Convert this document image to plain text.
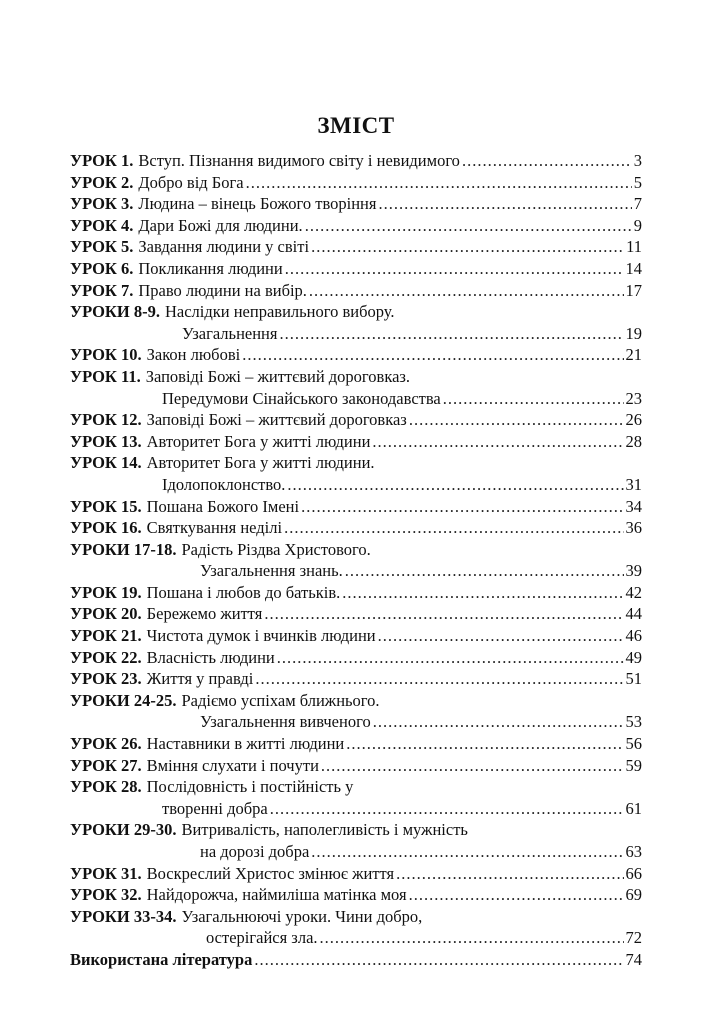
ЗМІСТ
УРОК 1. Вступ. Пізнання видимого світу і невидимого .....	3
УРОК 2. Добро від Бога .....	5
УРОК 3. Людина – вінець Божого творіння .....	7
УРОК 4. Дари Божі для людини. .....	9
УРОК 5. Завдання людини у світі .....	11
УРОК 6. Покликання людини .....	14
УРОК 7. Право людини на вибір. .....	17
УРОКИ 8-9. Наслідки неправильного вибору.
Узагальнення .....	19
УРОК 10. Закон любові .....	21
УРОК 11. Заповіді Божі – життєвий дороговказ.
Передумови Сінайського законодавства .....	23
УРОК 12. Заповіді Божі – життєвий дороговказ .....	26
УРОК 13. Авторитет Бога у житті людини .....	28
УРОК 14. Авторитет Бога у житті людини.
Ідолопоклонство. .....	31
УРОК 15. Пошана Божого Імені .....	34
УРОК 16. Святкування неділі .....	36
УРОКИ 17-18. Радість Різдва Христового.
Узагальнення знань. .....	39
УРОК 19. Пошана і любов до батьків. .....	42
УРОК 20. Бережемо життя .....	44
УРОК 21. Чистота думок і вчинків людини .....	46
УРОК 22. Власність людини .....	49
УРОК 23. Життя у правді .....	51
УРОКИ 24-25. Радіємо успіхам ближнього.
Узагальнення вивченого .....	53
УРОК 26. Наставники в житті людини .....	56
УРОК 27. Вміння слухати і почути .....	59
УРОК 28. Послідовність і постійність у
творенні добра .....	61
УРОКИ 29-30. Витривалість, наполегливість і мужність
на дорозі добра .....	63
УРОК 31. Воскреслий Христос змінює життя .....	66
УРОК 32. Найдорожча, наймиліша матінка моя .....	69
УРОКИ 33-34. Узагальнюючі уроки. Чини добро,
остерігайся зла. .....	72
Використана література .....	74
